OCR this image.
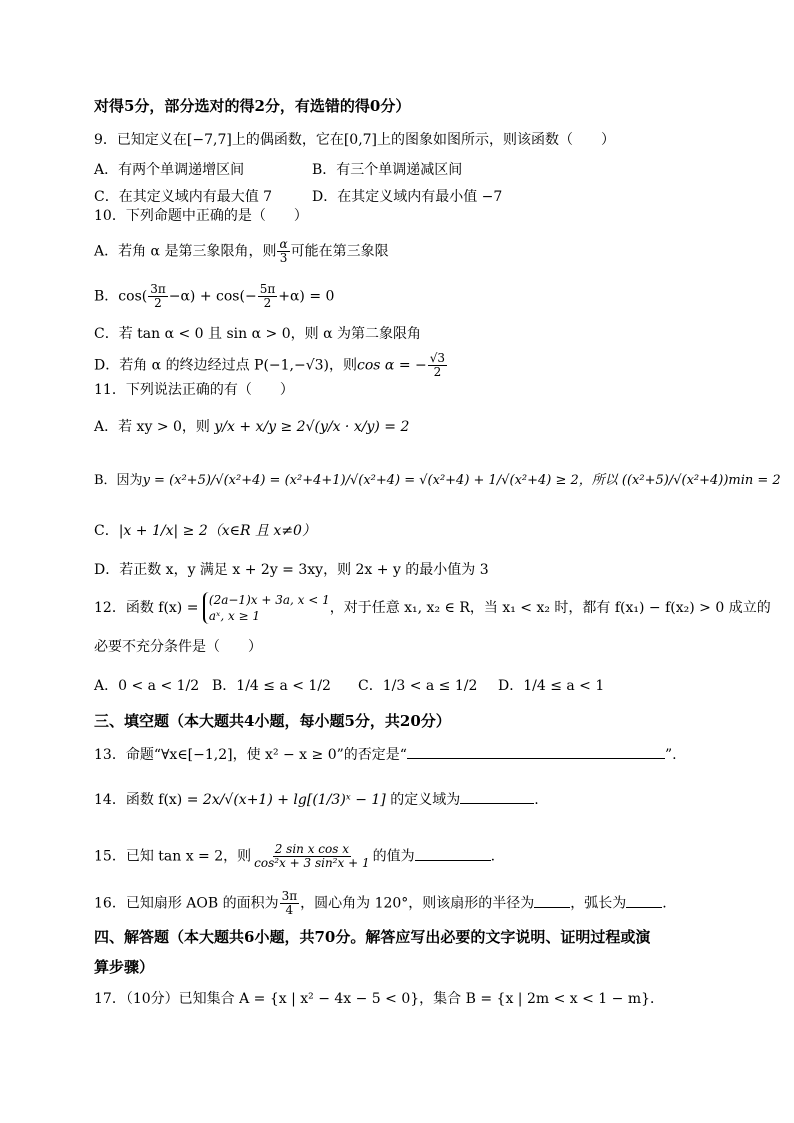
对得5分，部分选对的得2分，有选错的得0分）
9．已知定义在[−7,7]上的偶函数，它在[0,7]上的图象如图所示，则该函数（　　）
A．有两个单调递增区间	B．有三个单调递减区间
C．在其定义域内有最大值 7	D．在其定义域内有最小值 −7
10．下列命题中正确的是（　　）
A．若角 α 是第三象限角，则 $\frac{\alpha}{3}$ 可能在第三象限
B．$\cos( \frac{3\pi}{2} -\alpha) + \cos(- \frac{5\pi}{2} +\alpha) = 0$
C．若 tan α < 0 且 sin α > 0，则 α 为第二象限角
D．若角 α 的终边经过点 P(−1,−√3)，则cos α = − $\frac{√3}{2}$
11．下列说法正确的有（　　）
A．若 xy > 0，则 y/x + x/y ≥ 2√(y/x · x/y) = 2
B．因为y = (x²+5)/√(x²+4) = (x²+4+1)/√(x²+4) = √(x²+4) + 1/√(x²+4) ≥ 2，所以 ((x²+5)/√(x²+4))min = 2
C．|x + 1/x| ≥ 2（x∈R 且 x≠0）
D．若正数 x，y 满足 x + 2y = 3xy，则 2x + y 的最小值为 3
12．函数 f(x) = (2a−1)x + 3a, x < 1
aˣ, x ≥ 1	，对于任意 x₁, x₂ ∈ R，当 x₁ < x₂ 时，都有 f(x₁) − f(x₂) > 0 成立的
必要不充分条件是（　　）
A．0 < a < 1/2 B．1/4 ≤ a < 1/2 C．1/3 < a ≤ 1/2 D．1/4 ≤ a < 1
三、填空题（本大题共4小题，每小题5分，共20分）
13．命题“∀x∈[−1,2]，使 x² − x ≥ 0”的否定是“	”.
14．函数 f(x) = 2x/√(x+1) + lg[(1/3)ˣ − 1] 的定义域为	.
15．已知 tan x = 2，则 $\frac{\text{2 sin x cos x}}{\text{cos²x + 3 sin²x + 1}}$ 的值为	.
16．已知扇形 AOB 的面积为 $\frac{3\pi}{4}$ ，圆心角为 120°，则该扇形的半径为	，弧长为	.
四、解答题（本大题共6小题，共70分。解答应写出必要的文字说明、证明过程或演
算步骤）
17．（10分）已知集合 A = {x | x² − 4x − 5 < 0}，集合 B = {x | 2m < x < 1 − m}．
